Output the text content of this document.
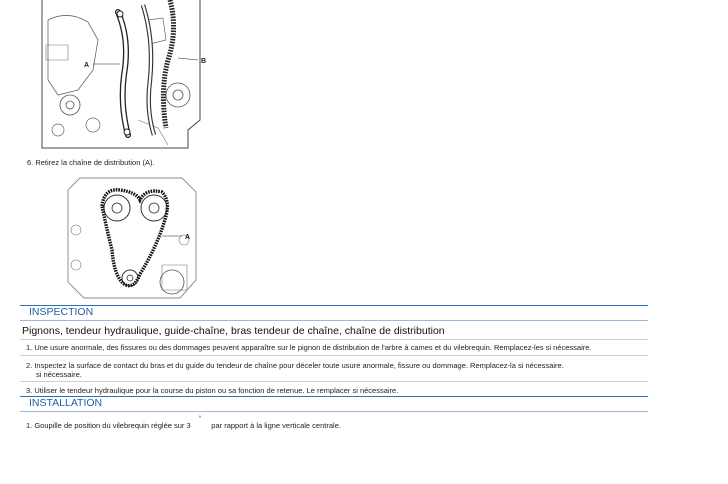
A
B
6. Retirez la chaîne de distribution (A).
A
INSPECTION
Pignons, tendeur hydraulique, guide-chaîne, bras tendeur de chaîne, chaîne de distribution
1. Une usure anormale, des fissures ou des dommages peuvent apparaître sur le pignon de distribution de l'arbre à cames et du vilebrequin. Remplacez-les si nécessaire.
2. Inspectez la surface de contact du bras et du guide du tendeur de chaîne pour déceler toute usure anormale, fissure ou dommage. Remplacez-la si nécessaire.
si nécessaire.
3. Utiliser le tendeur hydraulique pour la course du piston ou sa fonction de retenue. Le remplacer si nécessaire.
INSTALLATION
1. Goupille de position du vilebrequin réglée sur 3 ° par rapport à la ligne verticale centrale.
